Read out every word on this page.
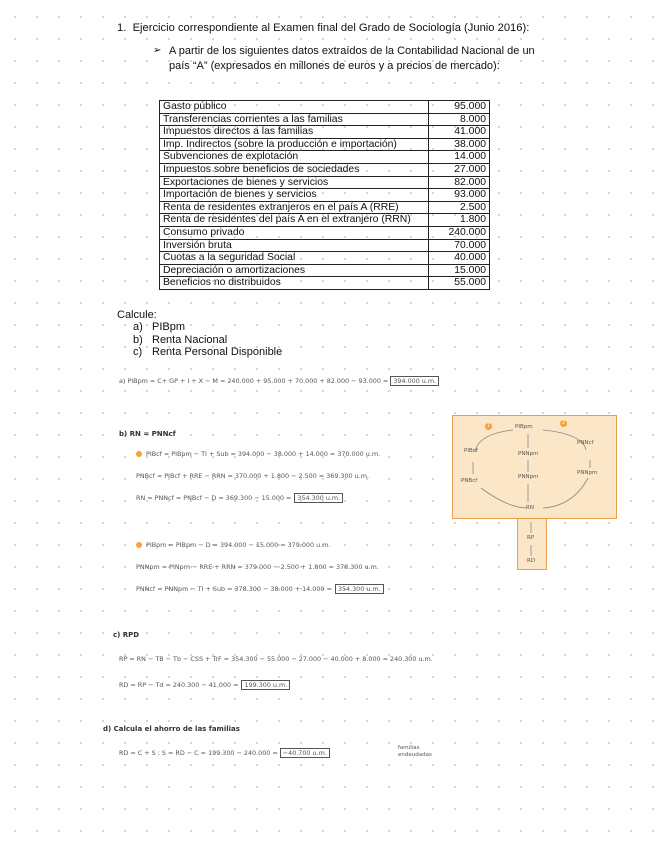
1. Ejercicio correspondiente al Examen final del Grado de Sociología (Junio 2016):
➢ A partir de los siguientes datos extraídos de la Contabilidad Nacional de un país “A” (expresados en millones de euros y a precios de mercado):
Gasto público	95.000
Transferencias corrientes a las familias	8.000
Impuestos directos a las familias	41.000
Imp. Indirectos (sobre la producción e importación)	38.000
Subvenciones de explotación	14.000
Impuestos sobre beneficios de sociedades	27.000
Exportaciones de bienes y servicios	82.000
Importación de bienes y servicios	93.000
Renta de residentes extranjeros en el país A (RRE)	2.500
Renta de residentes del país A en el extranjero (RRN)	1.800
Consumo privado	240.000
Inversión bruta	70.000
Cuotas a la seguridad Social	40.000
Depreciación o amortizaciones	15.000
Beneficios no distribuidos	55.000
Calcule:
a) PIBpm
b) Renta Nacional
c) Renta Personal Disponible
a) PIBpm = C+ GP + I + X − M = 240.000 + 95.000 + 70.000 + 82.000 − 93.000 = 394.000 u.m.
b) RN = PNNcf
PIBcf = PIBpm − TI + Sub = 394.000 − 38.000 + 14.000 = 370.000 u.m.
PNBcf = PIBcf + RRE − RRN = 370.000 + 1.800 − 2.500 = 369.300 u.m.
RN = PNNcf = PNBcf − D = 369.300 − 15.000 = 354.300 u.m.
PIBpm = PIBpm − D = 394.000 − 15.000 = 379.000 u.m.
PNNpm = PINpm − RRE + RRN = 379.000 − 2.500 + 1.800 = 378.300 u.m.
PNNcf = PNNpm − TI + Sub = 378.300 − 38.000 + 14.000 = 354.300 u.m.
1	2
PIBpm
PIBcf
PNNcf
PNNpm
PNBcf
PNNpm
PNNpm
RN
RP
RD
c) RPD
RP = RN − TB − Tb − CSS + TrF = 354.300 − 55.000 − 27.000 − 40.000 + 8.000 = 240.300 u.m.
RD = RP − Td = 240.300 − 41.000 = 199.300 u.m.
d) Calcula el ahorro de las familias
RD = C + S ; S = RD − C = 199.300 − 240.000 = −40.700 u.m.
familias
endeudadas
